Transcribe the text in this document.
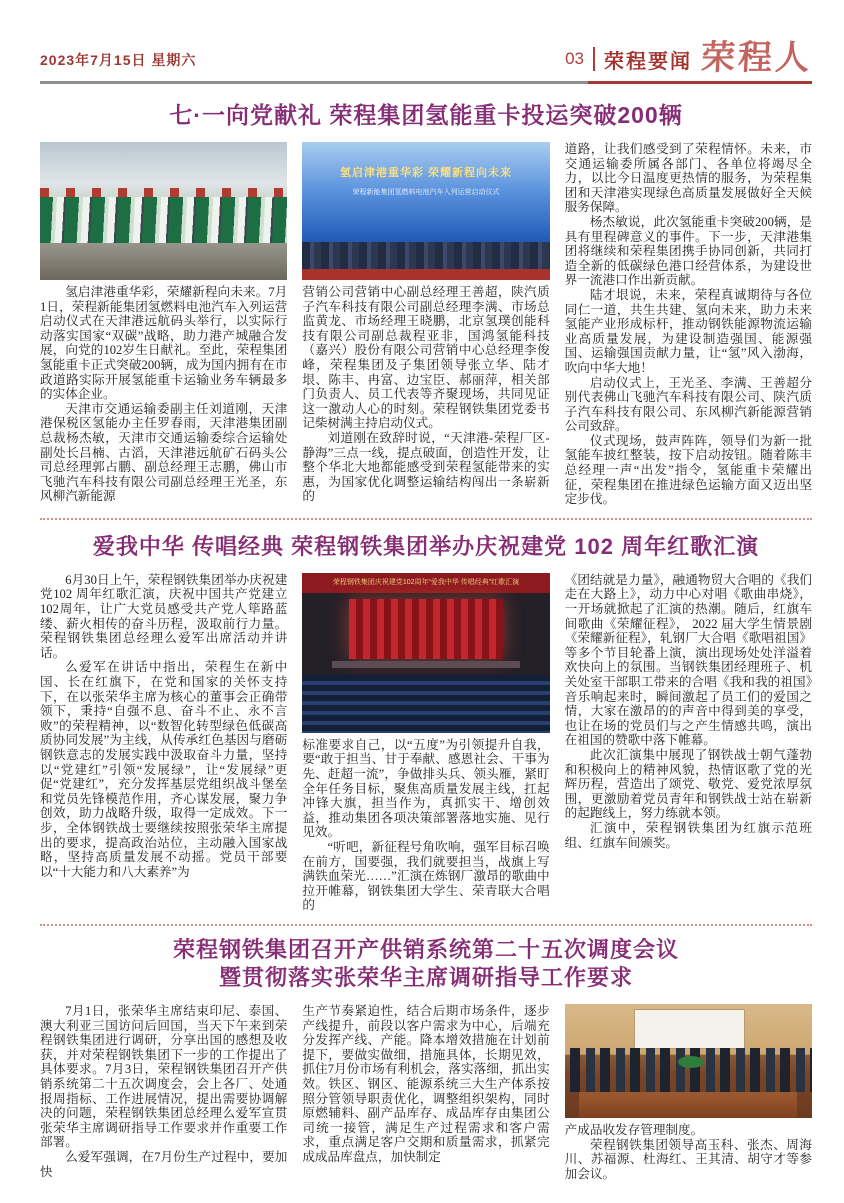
2023年7月15日 星期六	03 荣程要闻 荣程人
七·一向党献礼 荣程集团氢能重卡投运突破200辆

氢启津港重华彩，荣耀新程向未来。7月1日，荣程新能集团氢燃料电池汽车入列运营启动仪式在天津港远航码头举行，以实际行动落实国家“双碳”战略，助力港产城融合发展，向党的102岁生日献礼。至此，荣程集团氢能重卡正式突破200辆，成为国内拥有在市政道路实际开展氢能重卡运输业务车辆最多的实体企业。

天津市交通运输委副主任刘道刚，天津港保税区氢能办主任罗春雨，天津港集团副总裁杨杰敏，天津市交通运输委综合运输处副处长吕楠、古滔，天津港远航矿石码头公司总经理郭占鹏、副总经理王志鹏，佛山市飞驰汽车科技有限公司副总经理王光圣，东风柳汽新能源

氢启津港重华彩 荣耀新程向未来
荣程新能集团氢燃料电池汽车入列运营启动仪式

营销公司营销中心副总经理王善超，陕汽质子汽车科技有限公司副总经理李满、市场总监黄龙、市场经理王晓鹏，北京氢璞创能科技有限公司副总裁程亚非，国鸿氢能科技（嘉兴）股份有限公司营销中心总经理李俊峰，荣程集团及子集团领导张立华、陆才垠、陈丰、冉富、边宝臣、郝丽萍，相关部门负责人、员工代表等齐聚现场，共同见证这一激动人心的时刻。荣程钢铁集团党委书记柴树满主持启动仪式。

刘道刚在致辞时说，“天津港-荣程厂区-静海”三点一线，提点破面，创造性开发，让整个华北大地都能感受到荣程氢能带来的实惠，为国家优化调整运输结构闯出一条崭新的

道路，让我们感受到了荣程情怀。未来，市交通运输委所属各部门、各单位将竭尽全力，以比今日温度更热情的服务，为荣程集团和天津港实现绿色高质量发展做好全天候服务保障。

杨杰敏说，此次氢能重卡突破200辆，是具有里程碑意义的事件。下一步，天津港集团将继续和荣程集团携手协同创新，共同打造全新的低碳绿色港口经营体系，为建设世界一流港口作出新贡献。

陆才垠说，未来，荣程真诚期待与各位同仁一道，共生共建、氢向未来，助力未来氢能产业形成标杆，推动钢铁能源物流运输业高质量发展，为建设制造强国、能源强国、运输强国贡献力量，让“氢”风入渤海，吹向中华大地！

启动仪式上，王光圣、李满、王善超分别代表佛山飞驰汽车科技有限公司、陕汽质子汽车科技有限公司、东风柳汽新能源营销公司致辞。

仪式现场，鼓声阵阵，领导们为新一批氢能车披红整装，按下启动按钮。随着陈丰总经理一声“出发”指令，氢能重卡荣耀出征，荣程集团在推进绿色运输方面又迈出坚定步伐。

爱我中华 传唱经典 荣程钢铁集团举办庆祝建党 102 周年红歌汇演

6月30日上午，荣程钢铁集团举办庆祝建党102 周年红歌汇演，庆祝中国共产党建立102周年，让广大党员感受共产党人筚路蓝缕、薪火相传的奋斗历程，汲取前行力量。荣程钢铁集团总经理么爱军出席活动并讲话。

么爱军在讲话中指出，荣程生在新中国、长在红旗下，在党和国家的关怀支持下，在以张荣华主席为核心的董事会正确带领下，秉持“自强不息、奋斗不止、永不言败”的荣程精神，以“数智化转型绿色低碳高质协同发展”为主线，从传承红色基因与磨砺钢铁意志的发展实践中汲取奋斗力量，坚持以“党建红”引领“发展绿”，让“发展绿”更促“党建红”，充分发挥基层党组织战斗堡垒和党员先锋模范作用，齐心谋发展，聚力争创效，助力战略升级，取得一定成效。下一步，全体钢铁战士要继续按照张荣华主席提出的要求，提高政治站位，主动融入国家战略，坚持高质量发展不动摇。党员干部要以“十大能力和八大素养”为

荣程钢铁集团庆祝建党102周年“爱我中华 传唱经典”红歌汇演

标准要求自己，以“五度”为引领提升自我，要“敢于担当、甘于奉献、感恩社会、干事为先、赶超一流”，争做排头兵、领头雁，紧盯全年任务目标，聚焦高质量发展主线，扛起冲锋大旗，担当作为，真抓实干、增创效益，推动集团各项决策部署落地实施、见行见效。

“听吧，新征程号角吹响，强军目标召唤在前方，国要强，我们就要担当，战旗上写满铁血荣光……”汇演在炼钢厂激昂的歌曲中拉开帷幕，钢铁集团大学生、荣青联大合唱的

《团结就是力量》，融通物贸大合唱的《我们走在大路上》，动力中心对唱《歌曲串烧》，一开场就掀起了汇演的热潮。随后，红旗车间歌曲《荣耀征程》， 2022 届大学生情景剧《荣耀新征程》，轧钢厂大合唱《歌唱祖国》等多个节目轮番上演，演出现场处处洋溢着欢快向上的氛围。当钢铁集团经理班子、机关处室干部职工带来的合唱《我和我的祖国》音乐响起来时，瞬间激起了员工们的爱国之情，大家在激昂的的声音中得到美的享受，也让在场的党员们与之产生情感共鸣，演出在祖国的赞歌中落下帷幕。

此次汇演集中展现了钢铁战士朝气蓬勃和积极向上的精神风貌，热情讴歌了党的光辉历程，营造出了颂党、敬党、爱党浓厚氛围，更激励着党员青年和钢铁战士站在崭新的起跑线上，努力练就本领。

汇演中，荣程钢铁集团为红旗示范班组、红旗车间颁奖。

荣程钢铁集团召开产供销系统第二十五次调度会议
暨贯彻落实张荣华主席调研指导工作要求

7月1日，张荣华主席结束印尼、泰国、澳大利亚三国访问后回国，当天下午来到荣程钢铁集团进行调研，分享出国的感想及收获，并对荣程钢铁集团下一步的工作提出了具体要求。7月3日，荣程钢铁集团召开产供销系统第二十五次调度会，会上各厂、处通报周指标、工作进展情况，提出需要协调解决的问题，荣程钢铁集团总经理么爱军宣贯张荣华主席调研指导工作要求并作重要工作部署。

么爱军强调，在7月份生产过程中，要加快

生产节奏紧迫性，结合后期市场条件，逐步产线提升，前段以客户需求为中心，后端充分发挥产线、产能。降本增效措施在计划前提下，要做实做细，措施具体，长期见效，抓住7月份市场有利机会，落实落细，抓出实效。铁区、钢区、能源系统三大生产体系按照分管领导职责优化，调整组织架构，同时原燃辅料、副产品库存、成品库存由集团公司统一接管，满足生产过程需求和客户需求，重点满足客户交期和质量需求，抓紧完成成品库盘点，加快制定

产成品收发存管理制度。

荣程钢铁集团领导高玉科、张杰、周海川、苏福源、杜海红、王其清、胡守才等参加会议。
